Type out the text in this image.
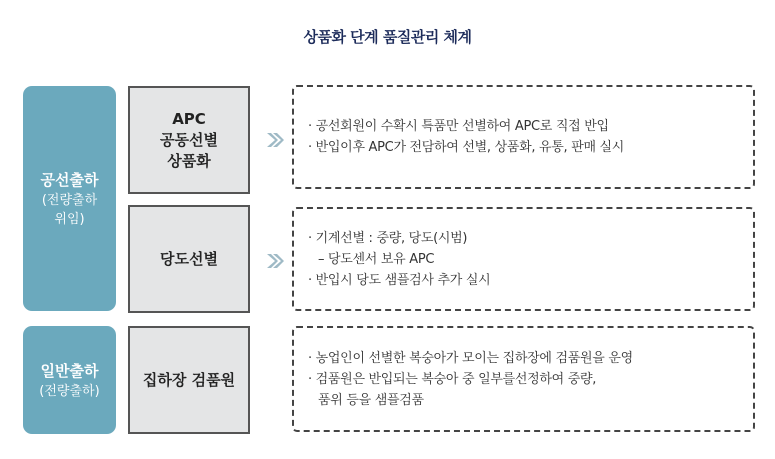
상품화 단계 품질관리 체계
공선출하
(전량출하
위임)
일반출하
(전량출하)
APC
공동선별
상품화
당도선별
집하장 검품원
· 공선회원이 수확시 특품만 선별하여 APC로 직접 반입
· 반입이후 APC가 전담하여 선별, 상품화, 유통, 판매 실시
· 기계선별 : 중량, 당도(시범)
– 당도센서 보유 APC
· 반입시 당도 샘플검사 추가 실시
· 농업인이 선별한 복숭아가 모이는 집하장에 검품원을 운영
· 검품원은 반입되는 복숭아 중 일부를선정하여 중량,
품위 등을 샘플검품
